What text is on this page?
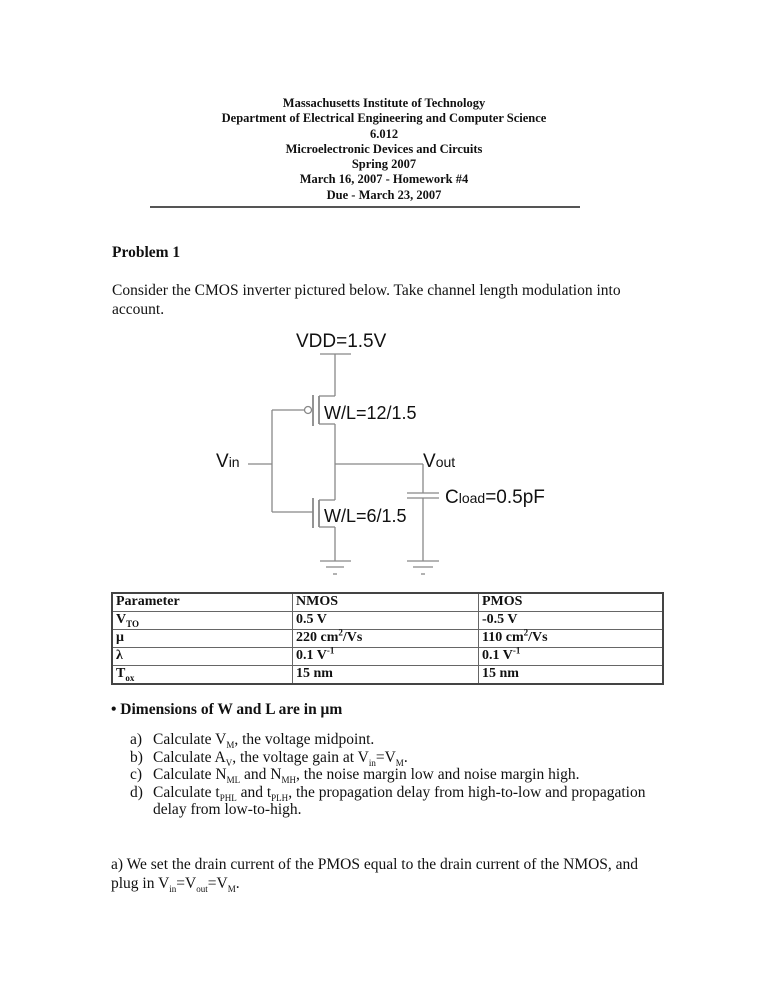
Massachusetts Institute of Technology
Department of Electrical Engineering and Computer Science
6.012
Microelectronic Devices and Circuits
Spring 2007
March 16, 2007 - Homework #4
Due - March 23, 2007
Problem 1
Consider the CMOS inverter pictured below. Take channel length modulation into account.
VDD=1.5V
W/L=12/1.5
W/L=6/1.5
Vin	Vout
Cload=0.5pF
Parameter	NMOS	PMOS
$V_{TO}$	0.5 V	-0.5 V
μ	220 $cm^2/Vs$	110 $cm^2/Vs$
λ	0.1 $V^{-1}$	0.1 $V^{-1}$
$T_{ox}$	15 nm	15 nm
• Dimensions of W and L are in μm
a) Calculate $V_M$, the voltage midpoint.
b) Calculate $A_V$, the voltage gain at $V_{in}=V_M$.
c) Calculate $N_{ML}$ and $N_{MH}$, the noise margin low and noise margin high.
d) Calculate $t_{PHL}$ and $t_{PLH}$, the propagation delay from high-to-low and propagation delay from low-to-high.
a) We set the drain current of the PMOS equal to the drain current of the NMOS, and plug in $V_{in}=V_{out}=V_M$.
